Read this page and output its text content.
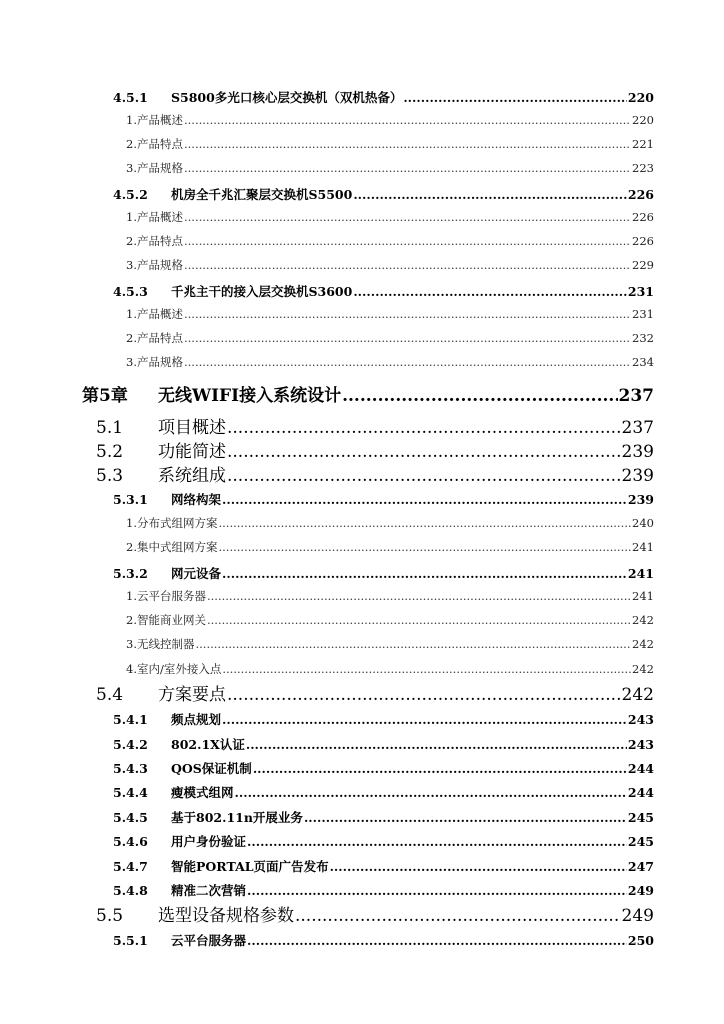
4.5.1	S5800多光口核心层交换机（双机热备） .....	220
1.产品概述 .....	220
2.产品特点 .....	221
3.产品规格 .....	223
4.5.2	机房全千兆汇聚层交换机S5500 .....	226
1.产品概述 .....	226
2.产品特点 .....	226
3.产品规格 .....	229
4.5.3	千兆主干的接入层交换机S3600 .....	231
1.产品概述 .....	231
2.产品特点 .....	232
3.产品规格 .....	234
第5章	无线WIFI接入系统设计 .....	237
5.1	项目概述 .....	237
5.2	功能简述 .....	239
5.3	系统组成 .....	239
5.3.1	网络构架 .....	239
1.分布式组网方案 .....	240
2.集中式组网方案 .....	241
5.3.2	网元设备 .....	241
1.云平台服务器 .....	241
2.智能商业网关 .....	242
3.无线控制器 .....	242
4.室内/室外接入点 .....	242
5.4	方案要点 .....	242
5.4.1	频点规划 .....	243
5.4.2	802.1X认证 .....	243
5.4.3	QOS保证机制 .....	244
5.4.4	瘦模式组网 .....	244
5.4.5	基于802.11n开展业务 .....	245
5.4.6	用户身份验证 .....	245
5.4.7	智能PORTAL页面广告发布 .....	247
5.4.8	精准二次营销 .....	249
5.5	选型设备规格参数 .....	249
5.5.1	云平台服务器 .....	250
